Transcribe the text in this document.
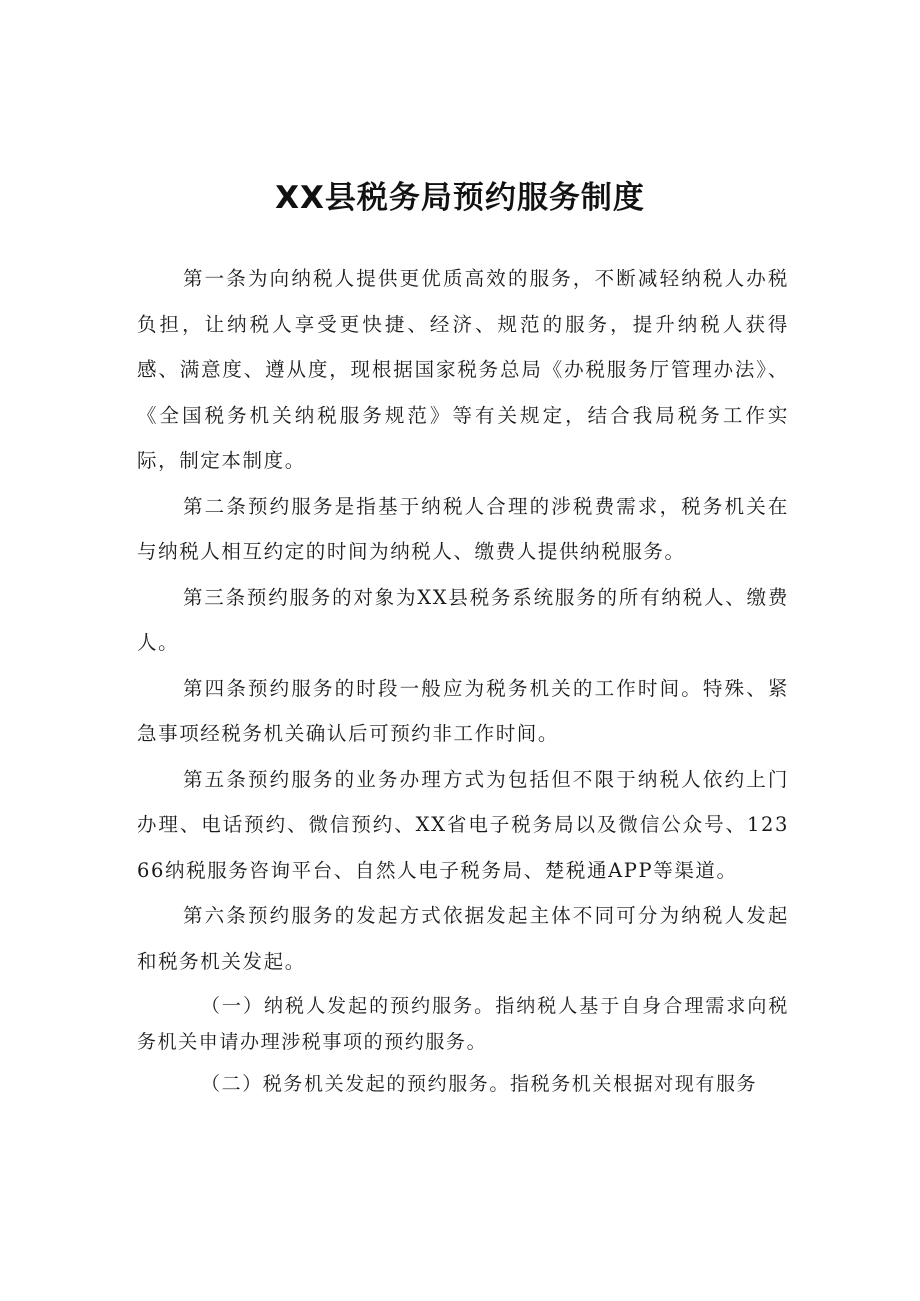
XX县税务局预约服务制度

第一条为向纳税人提供更优质高效的服务，不断减轻纳税人办税负担，让纳税人享受更快捷、经济、规范的服务，提升纳税人获得感、满意度、遵从度，现根据国家税务总局《办税服务厅管理办法》、《全国税务机关纳税服务规范》等有关规定，结合我局税务工作实际，制定本制度。

第二条预约服务是指基于纳税人合理的涉税费需求，税务机关在与纳税人相互约定的时间为纳税人、缴费人提供纳税服务。

第三条预约服务的对象为XX县税务系统服务的所有纳税人、缴费人。

第四条预约服务的时段一般应为税务机关的工作时间。特殊、紧急事项经税务机关确认后可预约非工作时间。

第五条预约服务的业务办理方式为包括但不限于纳税人依约上门办理、电话预约、微信预约、XX省电子税务局以及微信公众号、12366纳税服务咨询平台、自然人电子税务局、楚税通APP等渠道。

第六条预约服务的发起方式依据发起主体不同可分为纳税人发起和税务机关发起。

（一）纳税人发起的预约服务。指纳税人基于自身合理需求向税务机关申请办理涉税事项的预约服务。

（二）税务机关发起的预约服务。指税务机关根据对现有服务
